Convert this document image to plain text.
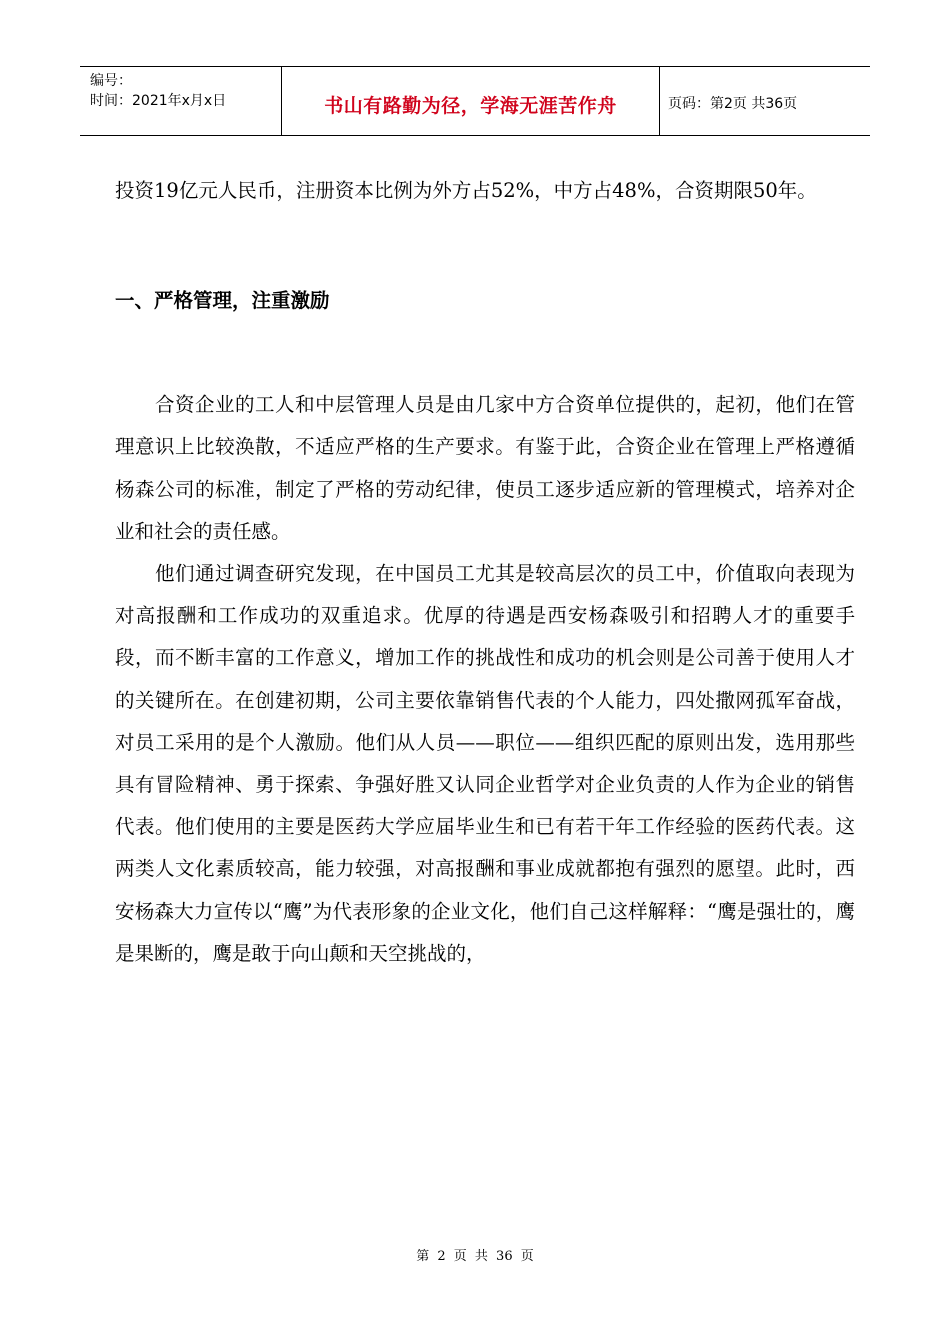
编号：
时间：2021年x月x日	书山有路勤为径，学海无涯苦作舟	页码：第2页 共36页

投资19亿元人民币，注册资本比例为外方占52%，中方占48%，合资期限50年。

一、严格管理，注重激励

合资企业的工人和中层管理人员是由几家中方合资单位提供的，起初，他们在管理意识上比较涣散，不适应严格的生产要求。有鉴于此，合资企业在管理上严格遵循杨森公司的标准，制定了严格的劳动纪律，使员工逐步适应新的管理模式，培养对企业和社会的责任感。

他们通过调查研究发现，在中国员工尤其是较高层次的员工中，价值取向表现为对高报酬和工作成功的双重追求。优厚的待遇是西安杨森吸引和招聘人才的重要手段，而不断丰富的工作意义，增加工作的挑战性和成功的机会则是公司善于使用人才的关键所在。在创建初期，公司主要依靠销售代表的个人能力，四处撒网孤军奋战，对员工采用的是个人激励。他们从人员——职位——组织匹配的原则出发，选用那些具有冒险精神、勇于探索、争强好胜又认同企业哲学对企业负责的人作为企业的销售代表。他们使用的主要是医药大学应届毕业生和已有若干年工作经验的医药代表。这两类人文化素质较高，能力较强，对高报酬和事业成就都抱有强烈的愿望。此时，西安杨森大力宣传以“鹰”为代表形象的企业文化，他们自己这样解释：“鹰是强壮的，鹰是果断的，鹰是敢于向山颠和天空挑战的，

第 2 页 共 36 页
